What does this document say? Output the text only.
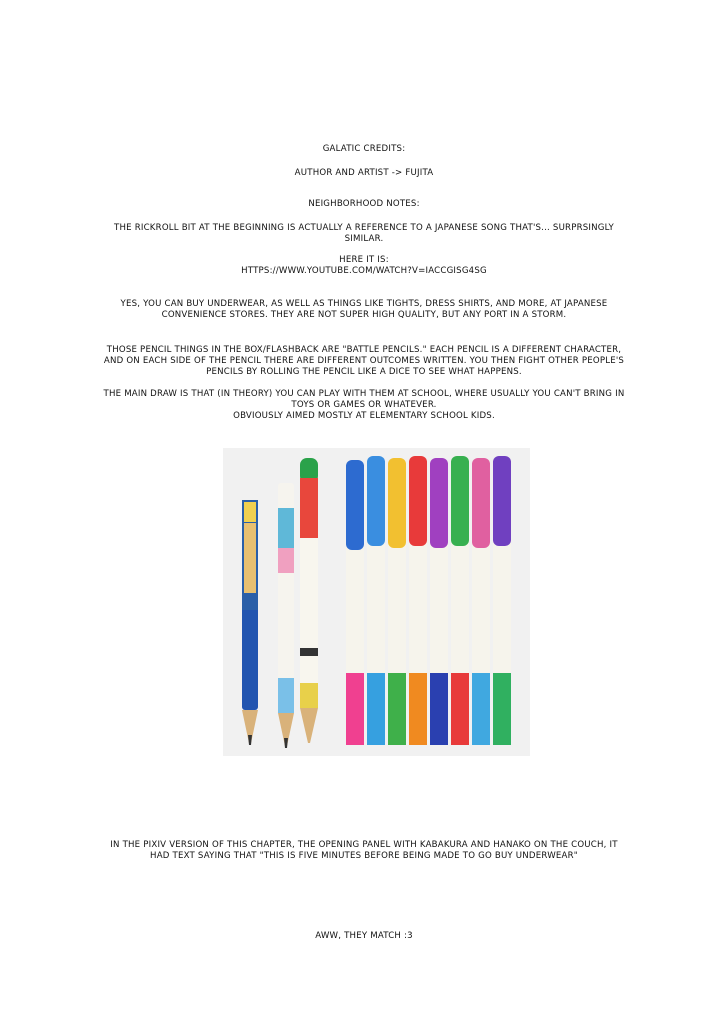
GALATIC CREDITS:

AUTHOR AND ARTIST -> FUJITA

NEIGHBORHOOD NOTES:

THE RICKROLL BIT AT THE BEGINNING IS ACTUALLY A REFERENCE TO A JAPANESE SONG THAT'S... SURPRSINGLY SIMILAR.

HERE IT IS:

HTTPS://WWW.YOUTUBE.COM/WATCH?V=IACCGISG4SG

YES, YOU CAN BUY UNDERWEAR, AS WELL AS THINGS LIKE TIGHTS, DRESS SHIRTS, AND MORE, AT JAPANESE CONVENIENCE STORES. THEY ARE NOT SUPER HIGH QUALITY, BUT ANY PORT IN A STORM.

THOSE PENCIL THINGS IN THE BOX/FLASHBACK ARE "BATTLE PENCILS." EACH PENCIL IS A DIFFERENT CHARACTER, AND ON EACH SIDE OF THE PENCIL THERE ARE DIFFERENT OUTCOMES WRITTEN. YOU THEN FIGHT OTHER PEOPLE'S PENCILS BY ROLLING THE PENCIL LIKE A DICE TO SEE WHAT HAPPENS.

THE MAIN DRAW IS THAT (IN THEORY) YOU CAN PLAY WITH THEM AT SCHOOL, WHERE USUALLY YOU CAN'T BRING IN TOYS OR GAMES OR WHATEVER.

OBVIOUSLY AIMED MOSTLY AT ELEMENTARY SCHOOL KIDS.

IN THE PIXIV VERSION OF THIS CHAPTER, THE OPENING PANEL WITH KABAKURA AND HANAKO ON THE COUCH, IT HAD TEXT SAYING THAT "THIS IS FIVE MINUTES BEFORE BEING MADE TO GO BUY UNDERWEAR"

AWW, THEY MATCH :3
